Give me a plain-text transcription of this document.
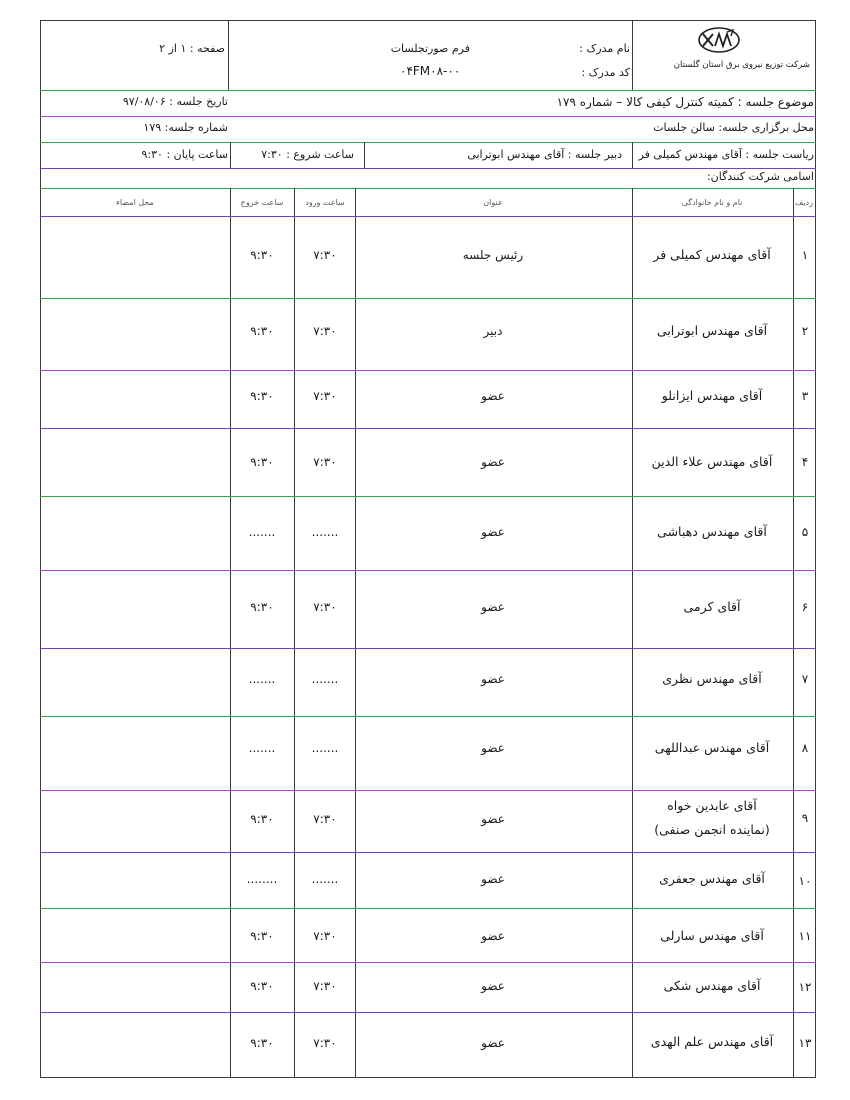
شرکت توزیع نیروی برق استان گلستان
نام مدرک :
فرم صورتجلسات
کد مدرک :
۰۴FM۰۸-۰۰
صفحه : ۱ از ۲
موضوع جلسه : کمیته کنترل کیفی کالا – شماره ۱۷۹
تاریخ جلسه : ۹۷/۰۸/۰۶
محل برگزاری جلسه: سالن جلسات
شماره جلسه: ۱۷۹
ریاست جلسه : آقای مهندس کمیلی فر
دبیر جلسه : آقای مهندس ابوترابی
ساعت شروع : ۷:۳۰
ساعت پایان : ۹:۳۰
اسامی شرکت کنندگان:
ردیف
نام و نام خانوادگی
عنوان
ساعت ورود
ساعت خروج
محل امضاء
۱
آقای مهندس کمیلی فر
رئیس جلسه
۷:۳۰
۹:۳۰
۲
آقای مهندس ابوترابی
دبیر
۷:۳۰
۹:۳۰
۳
آقای مهندس ایزانلو
عضو
۷:۳۰
۹:۳۰
۴
آقای مهندس علاء الدین
عضو
۷:۳۰
۹:۳۰
۵
آقای مهندس دهباشی
عضو
.......
.......
۶
آقای کرمی
عضو
۷:۳۰
۹:۳۰
۷
آقای مهندس نظری
عضو
.......
.......
۸
آقای مهندس عبداللهی
عضو
.......
.......
۹
آقای عابدین خواه
(نماینده انجمن صنفی)
عضو
۷:۳۰
۹:۳۰
۱۰
آقای مهندس جعفری
عضو
.......
........
۱۱
آقای مهندس سارلی
عضو
۷:۳۰
۹:۳۰
۱۲
آقای مهندس شکی
عضو
۷:۳۰
۹:۳۰
۱۳
آقای مهندس علم الهدی
عضو
۷:۳۰
۹:۳۰
